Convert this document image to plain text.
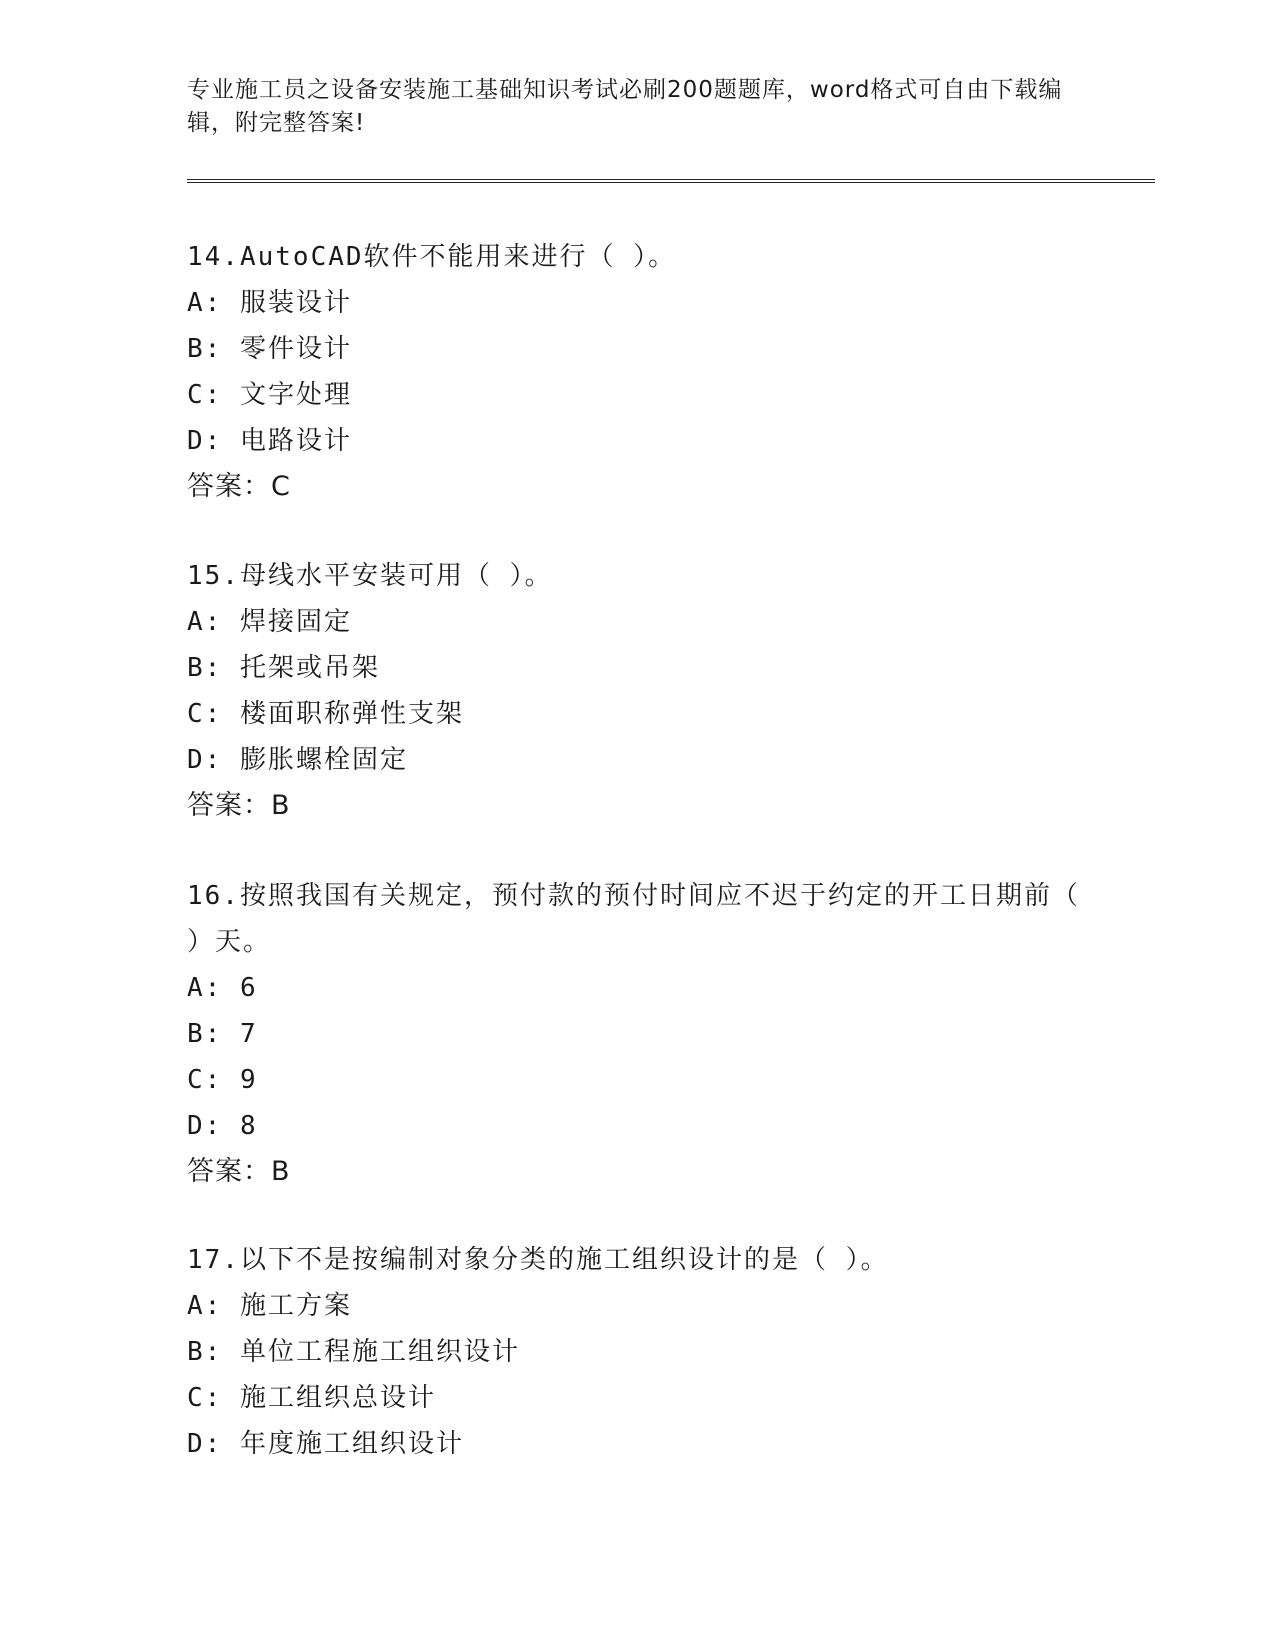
专业施工员之设备安装施工基础知识考试必刷200题题库，word格式可自由下载编辑，附完整答案!
14.AutoCAD软件不能用来进行（ ）。
A: 服装设计
B: 零件设计
C: 文字处理
D: 电路设计
答案：C
15.母线水平安装可用（ ）。
A: 焊接固定
B: 托架或吊架
C: 楼面职称弹性支架
D: 膨胀螺栓固定
答案：B
16.按照我国有关规定，预付款的预付时间应不迟于约定的开工日期前（ ）天。
A: 6
B: 7
C: 9
D: 8
答案：B
17.以下不是按编制对象分类的施工组织设计的是（ ）。
A: 施工方案
B: 单位工程施工组织设计
C: 施工组织总设计
D: 年度施工组织设计
